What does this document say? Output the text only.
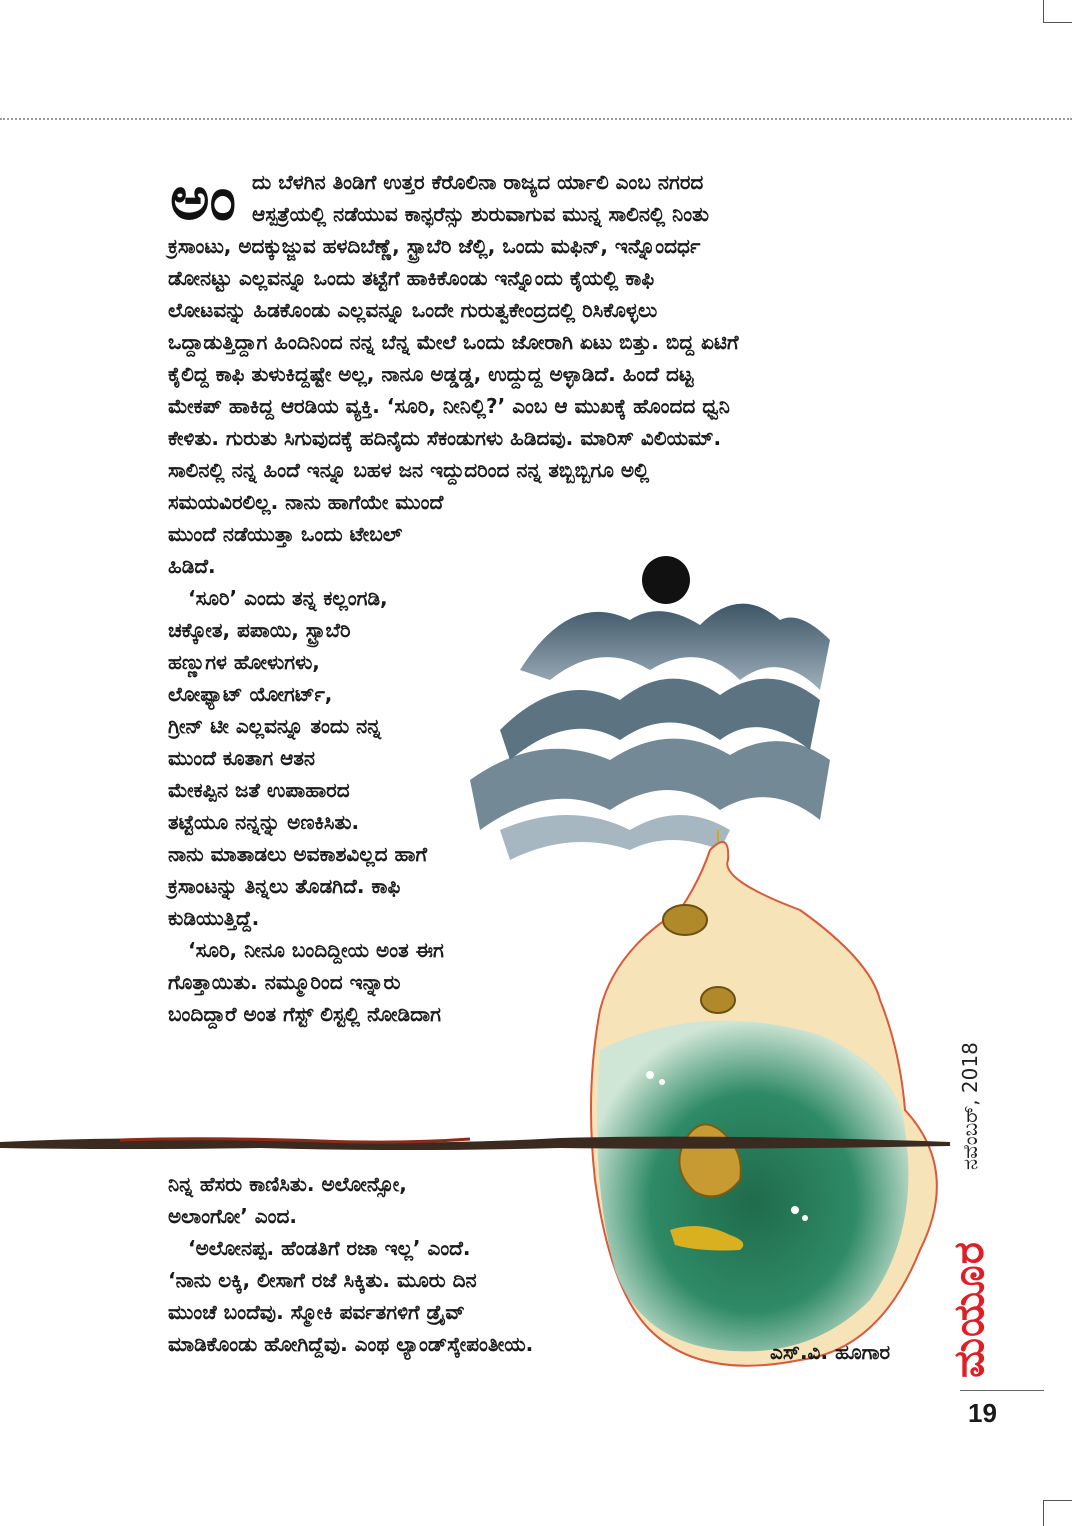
ಅಂ ದು ಬೆಳಗಿನ ತಿಂಡಿಗೆ ಉತ್ತರ ಕೆರೊಲಿನಾ ರಾಜ್ಯದ ರ್ಯಾಲಿ ಎಂಬ ನಗರದ
ಆಸ್ಪತ್ರೆಯಲ್ಲಿ ನಡೆಯುವ ಕಾನ್ಫರೆನ್ಸು ಶುರುವಾಗುವ ಮುನ್ನ ಸಾಲಿನಲ್ಲಿ ನಿಂತು
ಕ್ರಸಾಂಟು, ಅದಕ್ಕುಜ್ಜುವ ಹಳದಿಬೆಣ್ಣೆ, ಸ್ಟ್ರಾಬೆರಿ ಜೆಲ್ಲಿ, ಒಂದು ಮಫಿನ್, ಇನ್ನೊಂದರ್ಧ
ಡೋನಟ್ಟು ಎಲ್ಲವನ್ನೂ ಒಂದು ತಟ್ಟೆಗೆ ಹಾಕಿಕೊಂಡು ಇನ್ನೊಂದು ಕೈಯಲ್ಲಿ ಕಾಫಿ
ಲೋಟವನ್ನು ಹಿಡಕೊಂಡು ಎಲ್ಲವನ್ನೂ ಒಂದೇ ಗುರುತ್ವಕೇಂದ್ರದಲ್ಲಿ ರಿಸಿಕೊಳ್ಳಲು
ಒದ್ದಾಡುತ್ತಿದ್ದಾಗ ಹಿಂದಿನಿಂದ ನನ್ನ ಬೆನ್ನ ಮೇಲೆ ಒಂದು ಜೋರಾಗಿ ಏಟು ಬಿತ್ತು. ಬಿದ್ದ ಏಟಿಗೆ
ಕೈಲಿದ್ದ ಕಾಫಿ ತುಳುಕಿದ್ದಷ್ಟೇ ಅಲ್ಲ, ನಾನೂ ಅಡ್ಡಡ್ಡ, ಉದ್ದುದ್ದ ಅಳ್ಳಾಡಿದೆ. ಹಿಂದೆ ದಟ್ಟ
ಮೇಕಪ್ ಹಾಕಿದ್ದ ಆರಡಿಯ ವ್ಯಕ್ತಿ. ‘ಸೂರಿ, ನೀನಿಲ್ಲಿ?’ ಎಂಬ ಆ ಮುಖಕ್ಕೆ ಹೊಂದದ ಧ್ವನಿ
ಕೇಳಿತು. ಗುರುತು ಸಿಗುವುದಕ್ಕೆ ಹದಿನೈದು ಸೆಕಂಡುಗಳು ಹಿಡಿದವು. ಮಾರಿಸ್ ವಿಲಿಯಮ್.
ಸಾಲಿನಲ್ಲಿ ನನ್ನ ಹಿಂದೆ ಇನ್ನೂ ಬಹಳ ಜನ ಇದ್ದುದರಿಂದ ನನ್ನ ತಬ್ಬಿಬ್ಬಿಗೂ ಅಲ್ಲಿ
ಸಮಯವಿರಲಿಲ್ಲ. ನಾನು ಹಾಗೆಯೇ ಮುಂದೆ
ಮುಂದೆ ನಡೆಯುತ್ತಾ ಒಂದು ಟೇಬಲ್
ಹಿಡಿದೆ.
‘ಸೂರಿ’ ಎಂದು ತನ್ನ ಕಲ್ಲಂಗಡಿ,
ಚಕ್ಕೋತ, ಪಪಾಯಿ, ಸ್ಟ್ರಾಬೆರಿ
ಹಣ್ಣುಗಳ ಹೋಳುಗಳು,
ಲೋಫ್ಯಾಟ್ ಯೋಗರ್ಟ್,
ಗ್ರೀನ್ ಟೀ ಎಲ್ಲವನ್ನೂ ತಂದು ನನ್ನ
ಮುಂದೆ ಕೂತಾಗ ಆತನ
ಮೇಕಪ್ಪಿನ ಜತೆ ಉಪಾಹಾರದ
ತಟ್ಟೆಯೂ ನನ್ನನ್ನು ಅಣಕಿಸಿತು.
ನಾನು ಮಾತಾಡಲು ಅವಕಾಶವಿಲ್ಲದ ಹಾಗೆ
ಕ್ರಸಾಂಟನ್ನು ತಿನ್ನಲು ತೊಡಗಿದೆ. ಕಾಫಿ
ಕುಡಿಯುತ್ತಿದ್ದೆ.
‘ಸೂರಿ, ನೀನೂ ಬಂದಿದ್ದೀಯ ಅಂತ ಈಗ
ಗೊತ್ತಾಯಿತು. ನಮ್ಮೂರಿಂದ ಇನ್ನಾರು
ಬಂದಿದ್ದಾರೆ ಅಂತ ಗೆಸ್ಟ್ ಲಿಸ್ಟಲ್ಲಿ ನೋಡಿದಾಗ
ನಿನ್ನ ಹೆಸರು ಕಾಣಿಸಿತು. ಅಲೋನ್ಸೋ,
ಅಲಾಂಗೋ’ ಎಂದ.
‘ಅಲೋನಪ್ಪ. ಹೆಂಡತಿಗೆ ರಜಾ ಇಲ್ಲ’ ಎಂದೆ.
‘ನಾನು ಲಕ್ಕಿ, ಲೀಸಾಗೆ ರಜೆ ಸಿಕ್ಕಿತು. ಮೂರು ದಿನ
ಮುಂಚೆ ಬಂದೆವು. ಸ್ಮೋಕಿ ಪರ್ವತಗಳಿಗೆ ಡ್ರೈವ್
ಮಾಡಿಕೊಂಡು ಹೋಗಿದ್ದೆವು. ಎಂಥ ಲ್ಯಾಂಡ್‌ಸ್ಕೇಪಂತೀಯ.	ಎಸ್.ವಿ. ಹೂಗಾರ ಮಯೂರ
ನವೆಂಬರ್, 2018
19
